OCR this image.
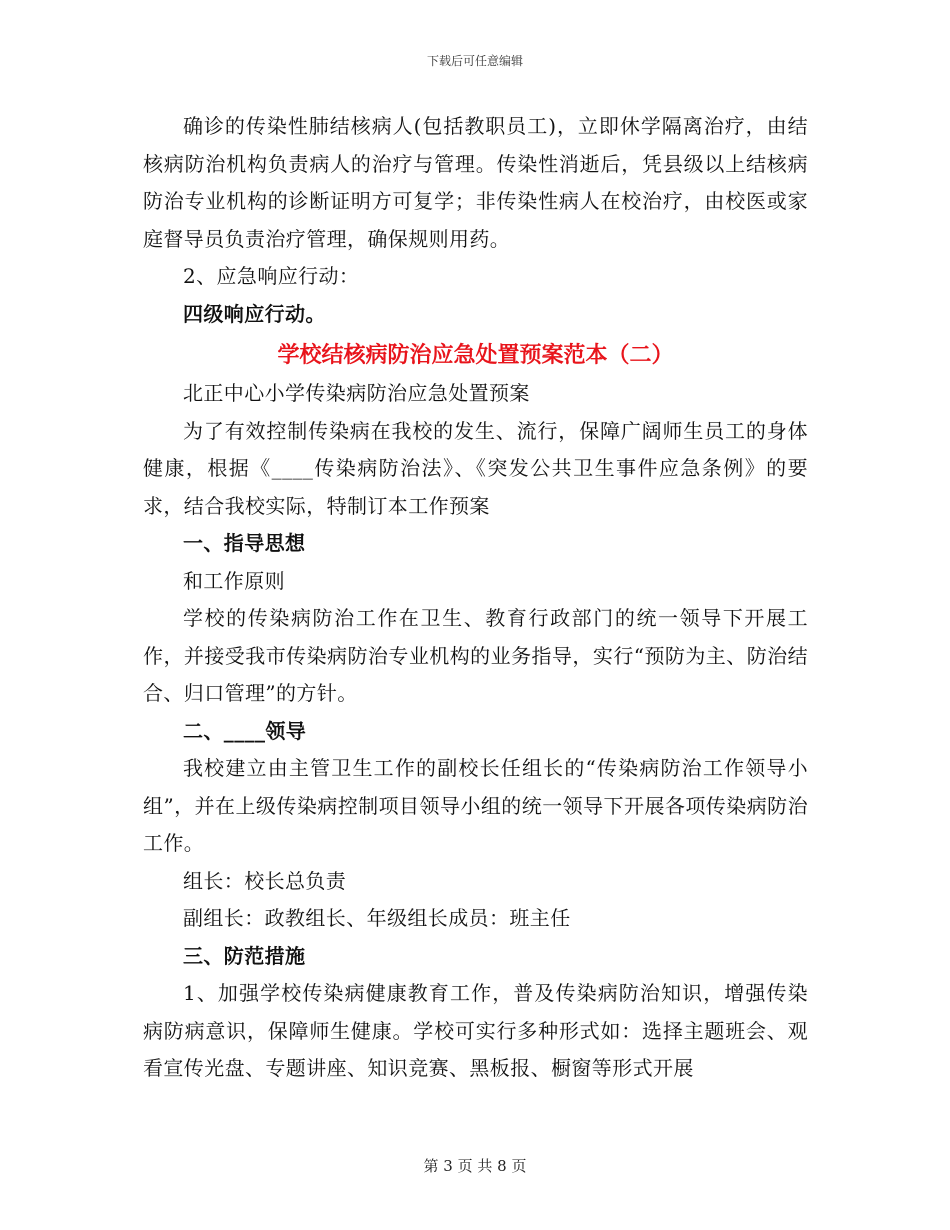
下载后可任意编辑

确诊的传染性肺结核病人(包括教职员工)，立即休学隔离治疗，由结核病防治机构负责病人的治疗与管理。传染性消逝后，凭县级以上结核病防治专业机构的诊断证明方可复学；非传染性病人在校治疗，由校医或家庭督导员负责治疗管理，确保规则用药。

2、应急响应行动：

四级响应行动。

学校结核病防治应急处置预案范本（二）

北正中心小学传染病防治应急处置预案

为了有效控制传染病在我校的发生、流行，保障广阔师生员工的身体健康，根据《____传染病防治法》、《突发公共卫生事件应急条例》的要求，结合我校实际，特制订本工作预案

一、指导思想

和工作原则

学校的传染病防治工作在卫生、教育行政部门的统一领导下开展工作，并接受我市传染病防治专业机构的业务指导，实行“预防为主、防治结合、归口管理”的方针。

二、____领导

我校建立由主管卫生工作的副校长任组长的“传染病防治工作领导小组”，并在上级传染病控制项目领导小组的统一领导下开展各项传染病防治工作。

组长：校长总负责

副组长：政教组长、年级组长成员：班主任

三、防范措施

1、加强学校传染病健康教育工作，普及传染病防治知识，增强传染病防病意识，保障师生健康。学校可实行多种形式如：选择主题班会、观看宣传光盘、专题讲座、知识竞赛、黑板报、橱窗等形式开展

第 3 页 共 8 页
